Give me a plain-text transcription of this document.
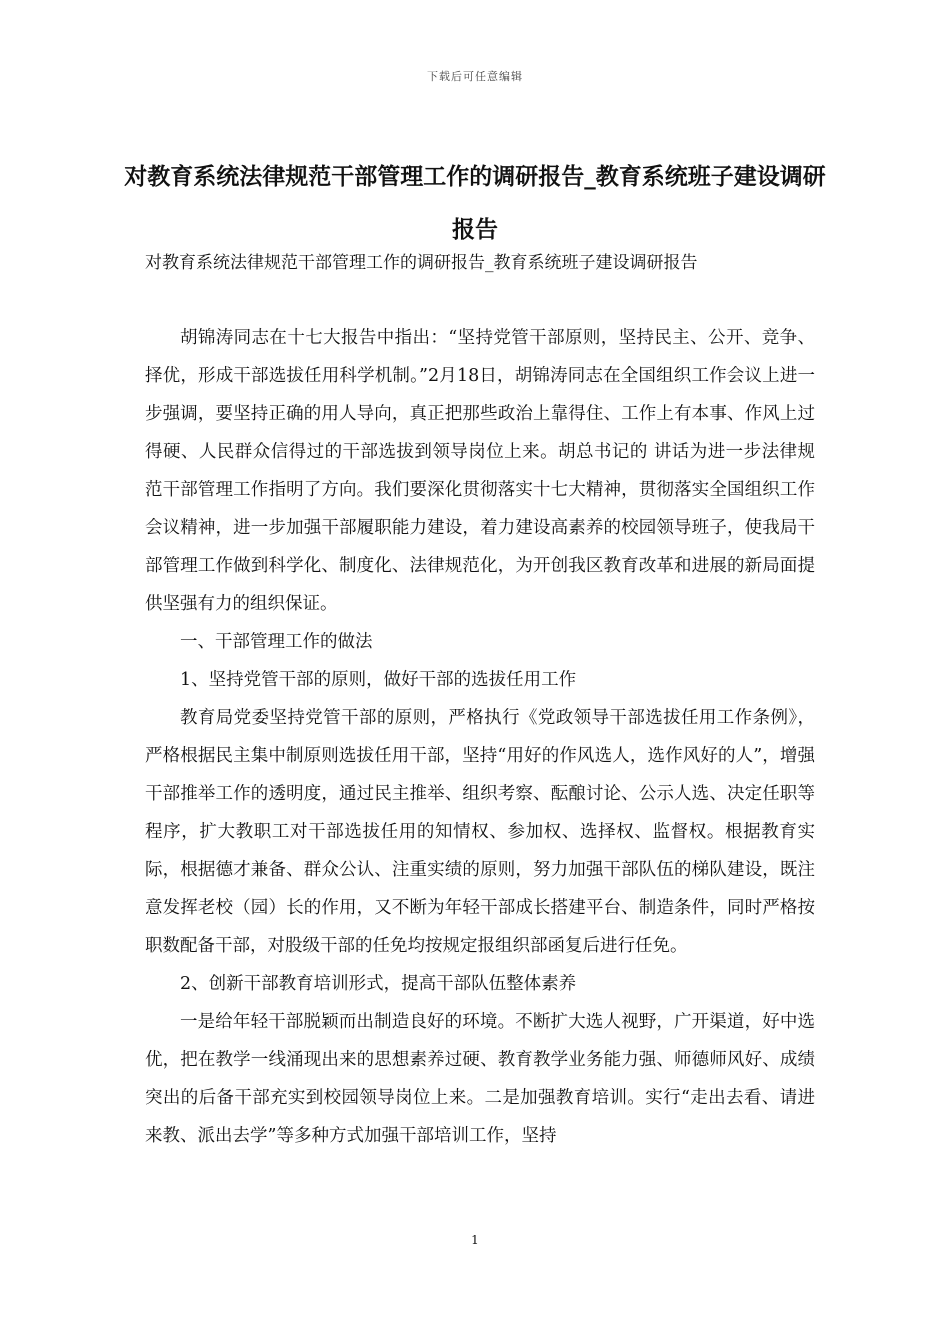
下载后可任意编辑
对教育系统法律规范干部管理工作的调研报告_教育系统班子建设调研报告

对教育系统法律规范干部管理工作的调研报告_教育系统班子建设调研报告

胡锦涛同志在十七大报告中指出：“坚持党管干部原则，坚持民主、公开、竞争、择优，形成干部选拔任用科学机制。”2月18日，胡锦涛同志在全国组织工作会议上进一步强调，要坚持正确的用人导向，真正把那些政治上靠得住、工作上有本事、作风上过得硬、人民群众信得过的干部选拔到领导岗位上来。胡总书记的 讲话为进一步法律规范干部管理工作指明了方向。我们要深化贯彻落实十七大精神，贯彻落实全国组织工作会议精神，进一步加强干部履职能力建设，着力建设高素养的校园领导班子，使我局干部管理工作做到科学化、制度化、法律规范化，为开创我区教育改革和进展的新局面提供坚强有力的组织保证。

一、干部管理工作的做法

1、坚持党管干部的原则，做好干部的选拔任用工作

教育局党委坚持党管干部的原则，严格执行《党政领导干部选拔任用工作条例》，严格根据民主集中制原则选拔任用干部，坚持“用好的作风选人，选作风好的人”，增强干部推举工作的透明度，通过民主推举、组织考察、酝酿讨论、公示人选、决定任职等程序，扩大教职工对干部选拔任用的知情权、参加权、选择权、监督权。根据教育实际，根据德才兼备、群众公认、注重实绩的原则，努力加强干部队伍的梯队建设，既注意发挥老校（园）长的作用，又不断为年轻干部成长搭建平台、制造条件，同时严格按职数配备干部，对股级干部的任免均按规定报组织部函复后进行任免。

2、创新干部教育培训形式，提高干部队伍整体素养

一是给年轻干部脱颖而出制造良好的环境。不断扩大选人视野，广开渠道，好中选优，把在教学一线涌现出来的思想素养过硬、教育教学业务能力强、师德师风好、成绩突出的后备干部充实到校园领导岗位上来。二是加强教育培训。实行“走出去看、请进来教、派出去学”等多种方式加强干部培训工作，坚持

1
